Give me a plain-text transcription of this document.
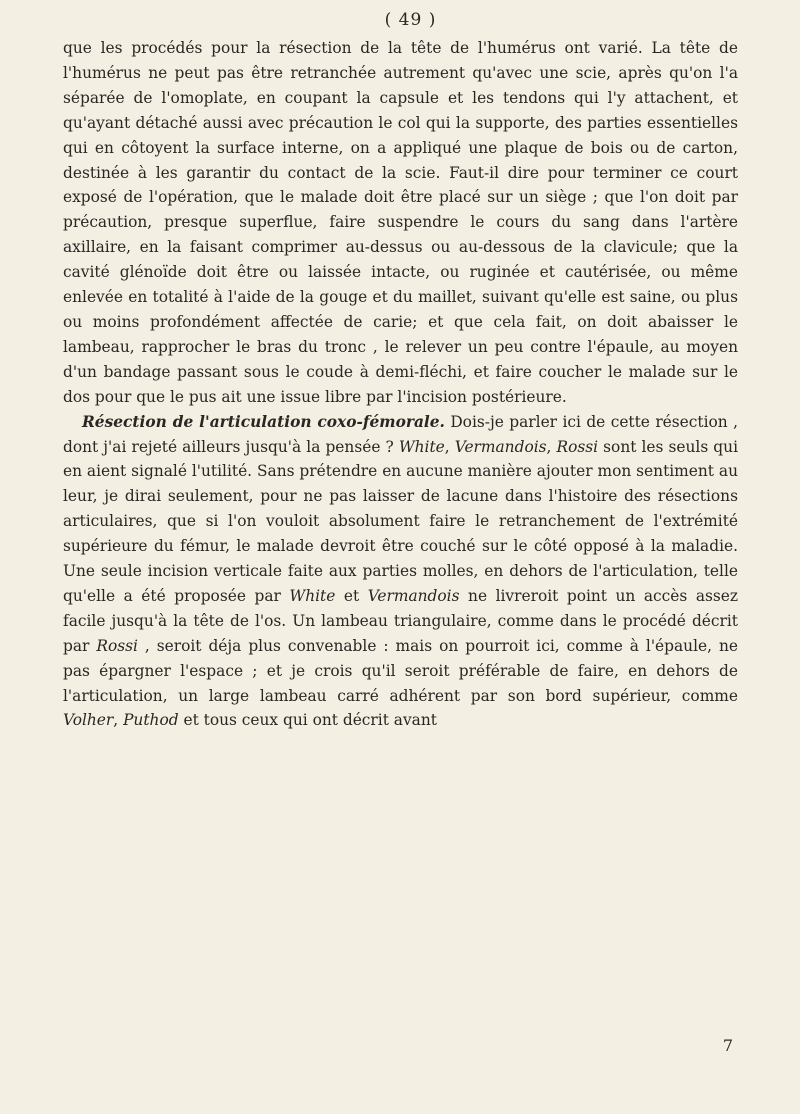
( 49 )

que les procédés pour la résection de la tête de l'humérus ont varié. La tête de l'humérus ne peut pas être retranchée autrement qu'avec une scie, après qu'on l'a séparée de l'omoplate, en coupant la capsule et les tendons qui l'y attachent, et qu'ayant détaché aussi avec précaution le col qui la supporte, des parties essentielles qui en côtoyent la surface interne, on a appliqué une plaque de bois ou de carton, destinée à les garantir du contact de la scie. Faut-il dire pour terminer ce court exposé de l'opération, que le malade doit être placé sur un siège ; que l'on doit par précaution, presque superflue, faire suspendre le cours du sang dans l'artère axillaire, en la faisant comprimer au-dessus ou au-dessous de la clavicule; que la cavité glénoïde doit être ou laissée intacte, ou ruginée et cautérisée, ou même enlevée en totalité à l'aide de la gouge et du maillet, suivant qu'elle est saine, ou plus ou moins profondément affectée de carie; et que cela fait, on doit abaisser le lambeau, rapprocher le bras du tronc , le relever un peu contre l'épaule, au moyen d'un bandage passant sous le coude à demi-fléchi, et faire coucher le malade sur le dos pour que le pus ait une issue libre par l'incision postérieure.

Résection de l'articulation coxo-fémorale. Dois-je parler ici de cette résection , dont j'ai rejeté ailleurs jusqu'à la pensée ? White, Vermandois, Rossi sont les seuls qui en aient signalé l'utilité. Sans prétendre en aucune manière ajouter mon sentiment au leur, je dirai seulement, pour ne pas laisser de lacune dans l'histoire des résections articulaires, que si l'on vouloit absolument faire le retranchement de l'extrémité supérieure du fémur, le malade devroit être couché sur le côté opposé à la maladie. Une seule incision verticale faite aux parties molles, en dehors de l'articulation, telle qu'elle a été proposée par White et Vermandois ne livreroit point un accès assez facile jusqu'à la tête de l'os. Un lambeau triangulaire, comme dans le procédé décrit par Rossi , seroit déja plus convenable : mais on pourroit ici, comme à l'épaule, ne pas épargner l'espace ; et je crois qu'il seroit préférable de faire, en dehors de l'articulation, un large lambeau carré adhérent par son bord supérieur, comme Volher, Puthod et tous ceux qui ont décrit avant

7
